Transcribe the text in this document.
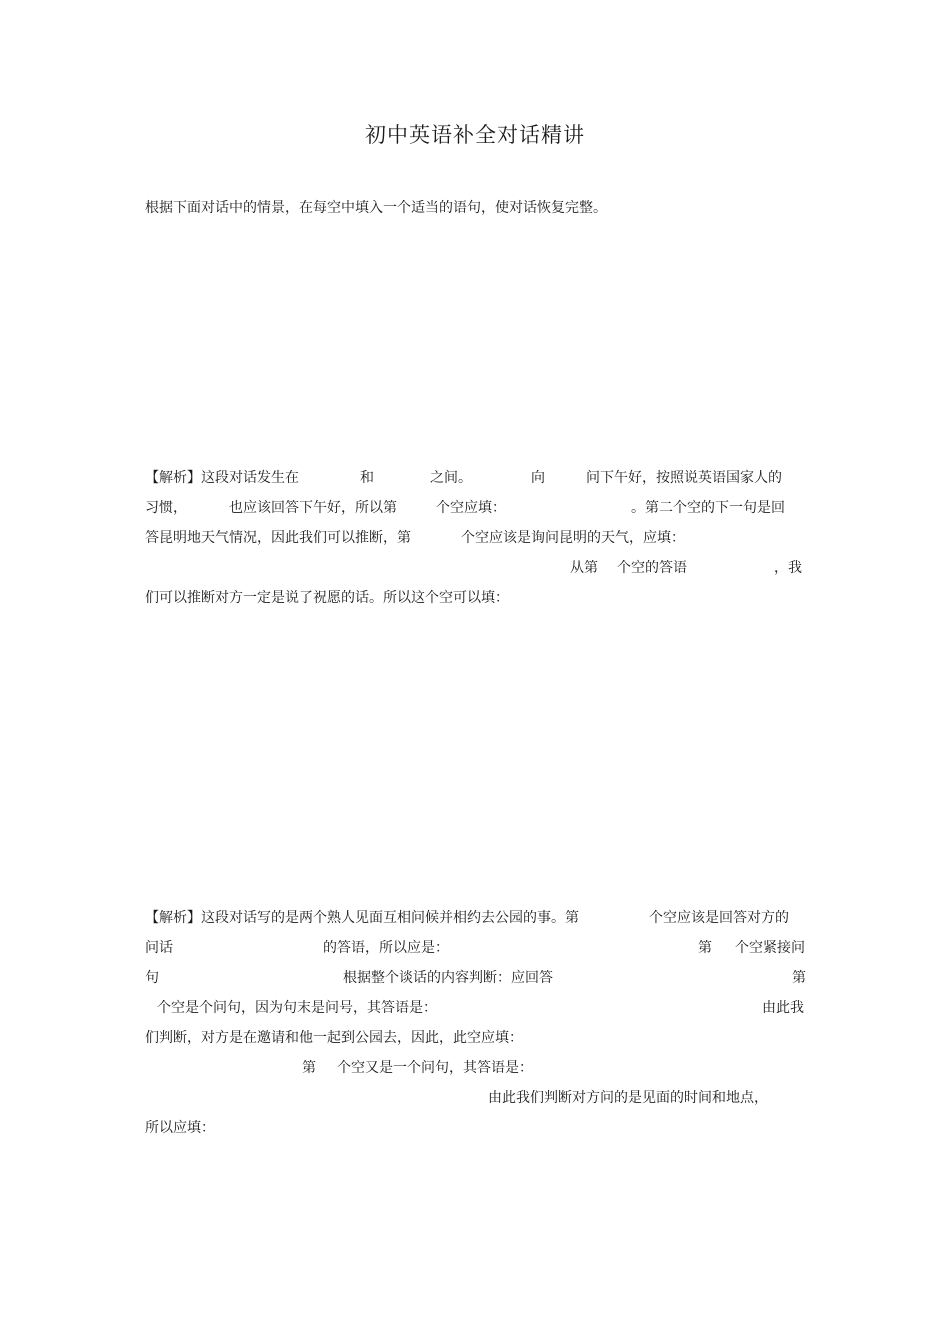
初中英语补全对话精讲
根据下面对话中的情景，在每空中填入一个适当的语句，使对话恢复完整。
【解析】这段对话发生在	和	之间。	向	问下午好，按照说英语国家人的
习惯，	也应该回答下午好，所以第	个空应填：	。第二个空的下一句是回
答昆明地天气情况，因此我们可以推断，第	个空应该是询问昆明的天气，应填：
从第 个空的答语	，我
们可以推断对方一定是说了祝愿的话。所以这个空可以填：
【解析】这段对话写的是两个熟人见面互相问候并相约去公园的事。第	个空应该是回答对方的
问话	的答语，所以应是：	第 个空紧接问
句	根据整个谈话的内容判断：应回答	第
个空是个问句，因为句末是问号，其答语是：	由此我
们判断，对方是在邀请和他一起到公园去，因此，此空应填：
第 个空又是一个问句，其答语是：
由此我们判断对方问的是见面的时间和地点，
所以应填：
